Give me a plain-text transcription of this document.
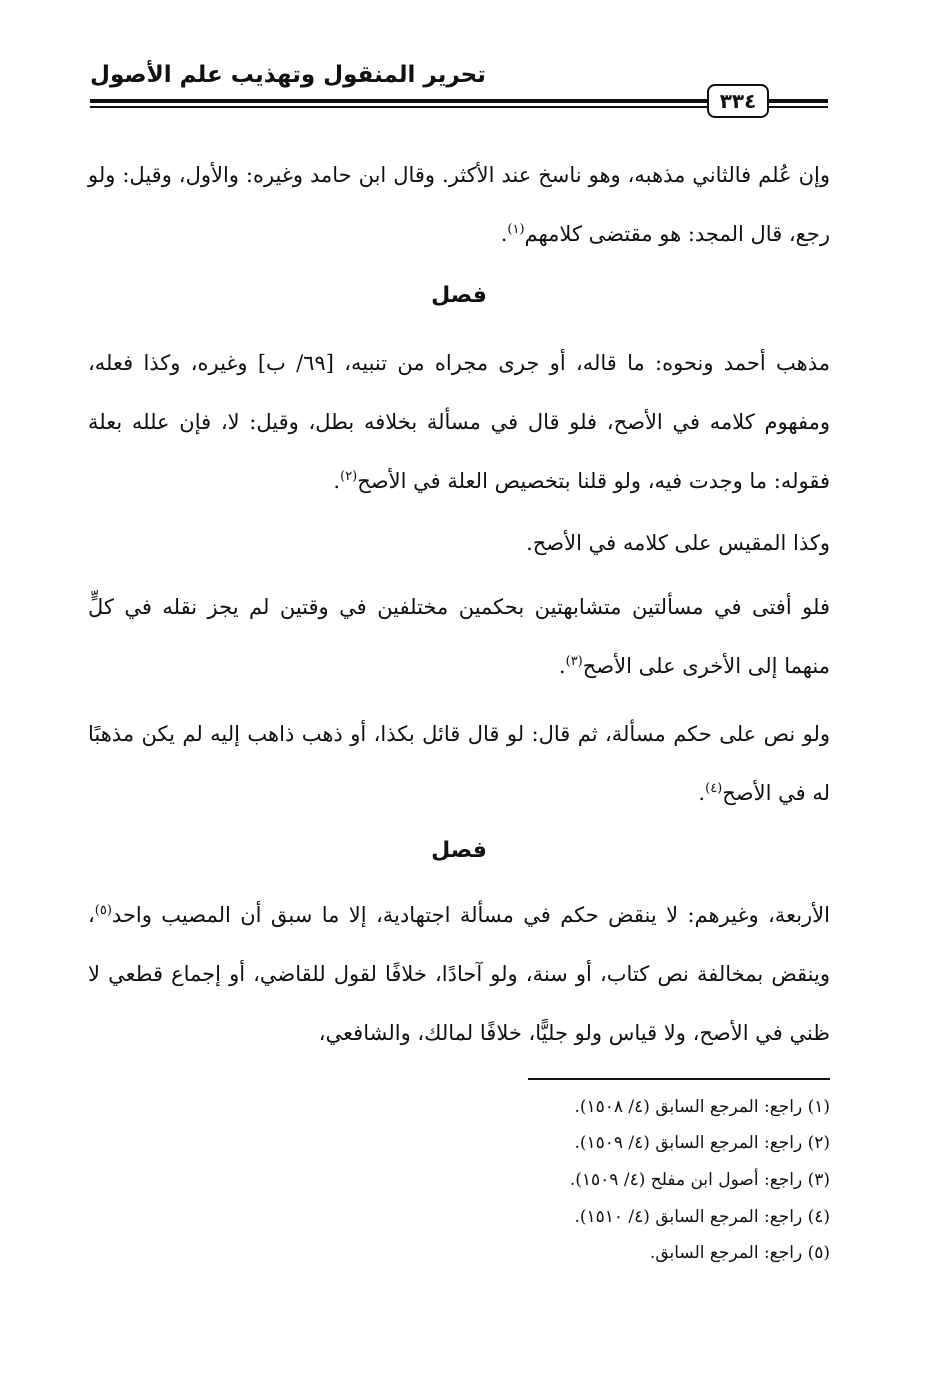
تحرير المنقول وتهذيب علم الأصول
٣٣٤
وإن عُلم فالثاني مذهبه، وهو ناسخ عند الأكثر. وقال ابن حامد وغيره: والأول، وقيل: ولو رجع، قال المجد: هو مقتضى كلامهم$^{(١)}$.
فصل
مذهب أحمد ونحوه: ما قاله، أو جرى مجراه من تنبيه، [٦٩/ ب] وغيره، وكذا فعله، ومفهوم كلامه في الأصح، فلو قال في مسألة بخلافه بطل، وقيل: لا، فإن علله بعلة فقوله: ما وجدت فيه، ولو قلنا بتخصيص العلة في الأصح$^{(٢)}$.
وكذا المقيس على كلامه في الأصح.
فلو أفتى في مسألتين متشابهتين بحكمين مختلفين في وقتين لم يجز نقله في كلٍّ منهما إلى الأخرى على الأصح$^{(٣)}$.
ولو نص على حكم مسألة، ثم قال: لو قال قائل بكذا، أو ذهب ذاهب إليه لم يكن مذهبًا له في الأصح$^{(٤)}$.
فصل
الأربعة، وغيرهم: لا ينقض حكم في مسألة اجتهادية، إلا ما سبق أن المصيب واحد$^{(٥)}$، وينقض بمخالفة نص كتاب، أو سنة، ولو آحادًا، خلافًا لقول للقاضي، أو إجماع قطعي لا ظني في الأصح، ولا قياس ولو جليًّا، خلافًا لمالك، والشافعي،
(١) راجع: المرجع السابق (٤/ ١٥٠٨).
(٢) راجع: المرجع السابق (٤/ ١٥٠٩).
(٣) راجع: أصول ابن مفلح (٤/ ١٥٠٩).
(٤) راجع: المرجع السابق (٤/ ١٥١٠).
(٥) راجع: المرجع السابق.
